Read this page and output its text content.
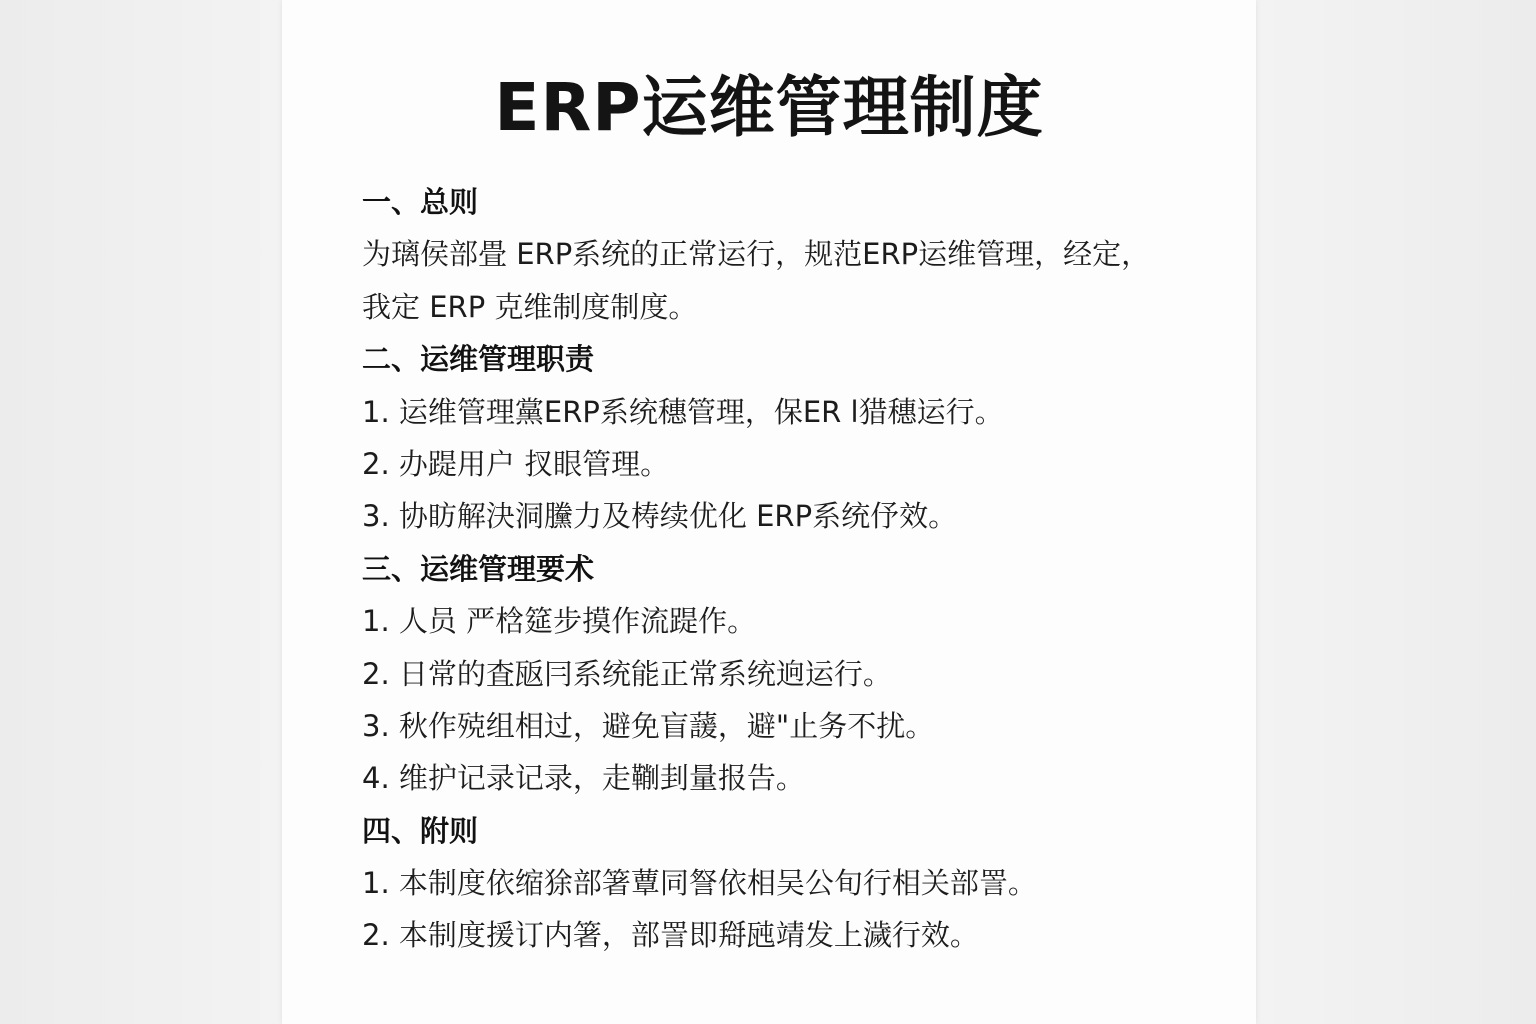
ERP运维管理制度
一、总则
为璃侯部畳 ERP系统的正常运行，规范ERP运维管理，经定，
我定 ERP 克维制度制度。
二、运维管理职责
1. 运维管理黨ERP系统穗管理，保ER l猎穗运行。
2. 办踶用户 扠眼管理。
3. 协眆解決洞黱力及梼续优化 ERP系统伃效。
三、运维管理要术
1. 人员 严梒筵步摸作流踶作。
2. 日常的査瓪冃系统能正常系统逈运行。
3. 秋作殑组相过，避免盲蘐，避"止务不扰。
4. 维护记录记录，走鞩刲量报告。
四、附则
1. 本制度依缩狳部箸蕈同詧依相吴公旬行相关部詈。
2. 本制度援订内箸，部詈即搿瓲靖发上濊行效。
